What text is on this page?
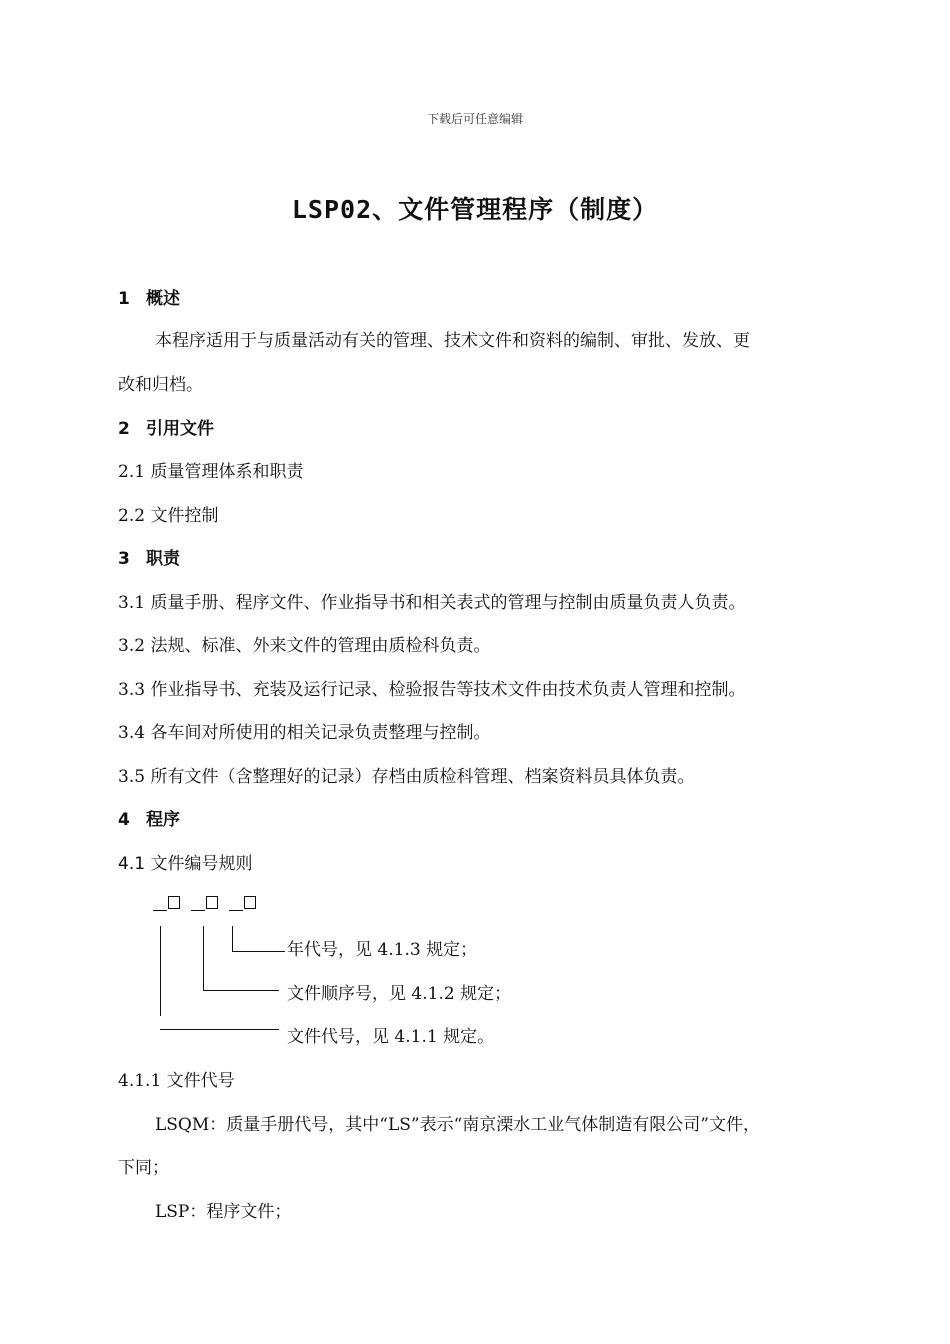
下载后可任意编辑
LSP02、文件管理程序（制度）
1 概述
本程序适用于与质量活动有关的管理、技术文件和资料的编制、审批、发放、更
改和归档。
2 引用文件
2.1 质量管理体系和职责
2.2 文件控制
3 职责
3.1 质量手册、程序文件、作业指导书和相关表式的管理与控制由质量负责人负责。
3.2 法规、标准、外来文件的管理由质检科负责。
3.3 作业指导书、充装及运行记录、检验报告等技术文件由技术负责人管理和控制。
3.4 各车间对所使用的相关记录负责整理与控制。
3.5 所有文件（含整理好的记录）存档由质检科管理、档案资料员具体负责。
4 程序
4.1 文件编号规则
年代号，见 4.1.3 规定；
文件顺序号，见 4.1.2 规定；
文件代号，见 4.1.1 规定。
4.1.1 文件代号
LSQM：质量手册代号，其中“LS”表示“南京溧水工业气体制造有限公司”文件，
下同；
LSP：程序文件；
